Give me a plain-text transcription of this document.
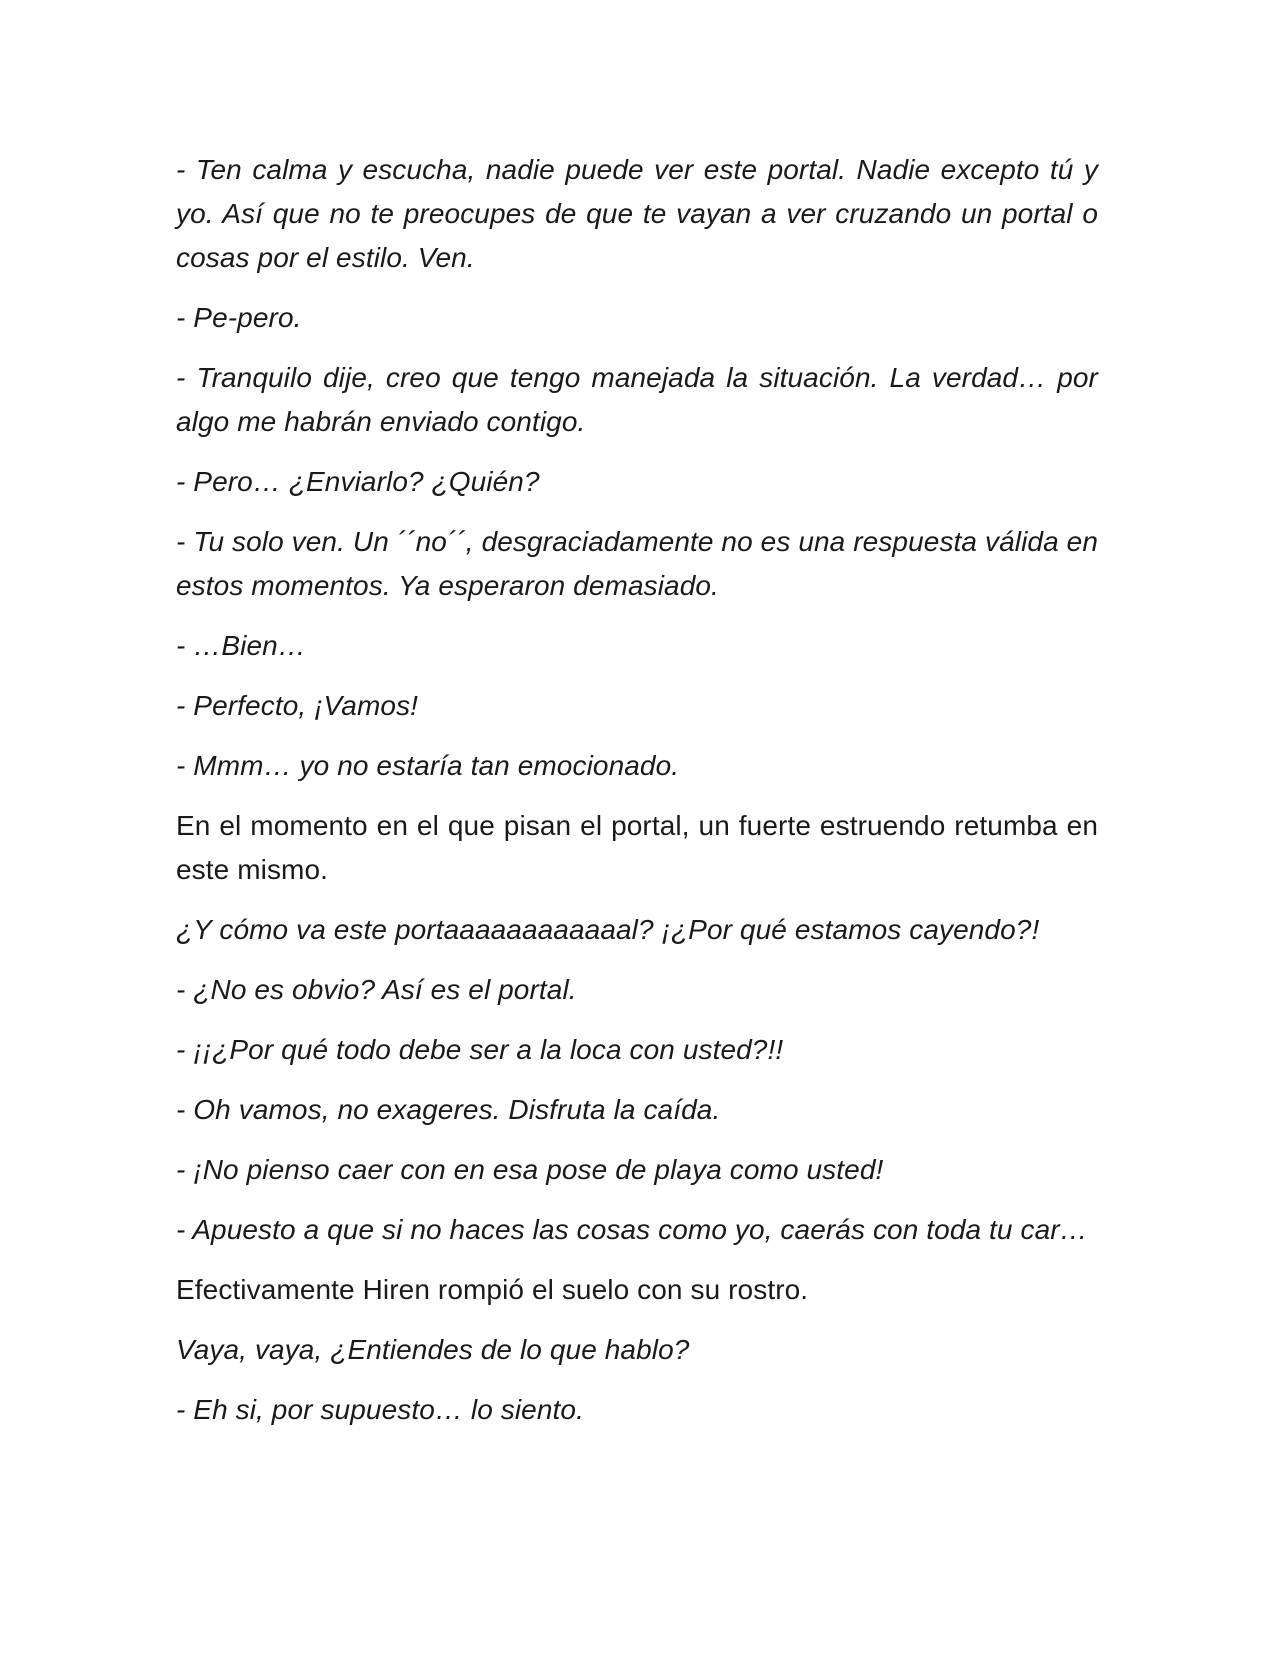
- Ten calma y escucha, nadie puede ver este portal. Nadie excepto tú y yo. Así que no te preocupes de que te vayan a ver cruzando un portal o cosas por el estilo. Ven.

- Pe-pero.

- Tranquilo dije, creo que tengo manejada la situación. La verdad… por algo me habrán enviado contigo.

- Pero… ¿Enviarlo? ¿Quién?

- Tu solo ven. Un ´´no´´, desgraciadamente no es una respuesta válida en estos momentos. Ya esperaron demasiado.

- …Bien…

- Perfecto, ¡Vamos!

- Mmm… yo no estaría tan emocionado.

En el momento en el que pisan el portal, un fuerte estruendo retumba en este mismo.

¿Y cómo va este portaaaaaaaaaaaal? ¡¿Por qué estamos cayendo?!

- ¿No es obvio? Así es el portal.

- ¡¡¿Por qué todo debe ser a la loca con usted?!!

- Oh vamos, no exageres. Disfruta la caída.

- ¡No pienso caer con en esa pose de playa como usted!

- Apuesto a que si no haces las cosas como yo, caerás con toda tu car…

Efectivamente Hiren rompió el suelo con su rostro.

Vaya, vaya, ¿Entiendes de lo que hablo?

- Eh si, por supuesto… lo siento.
